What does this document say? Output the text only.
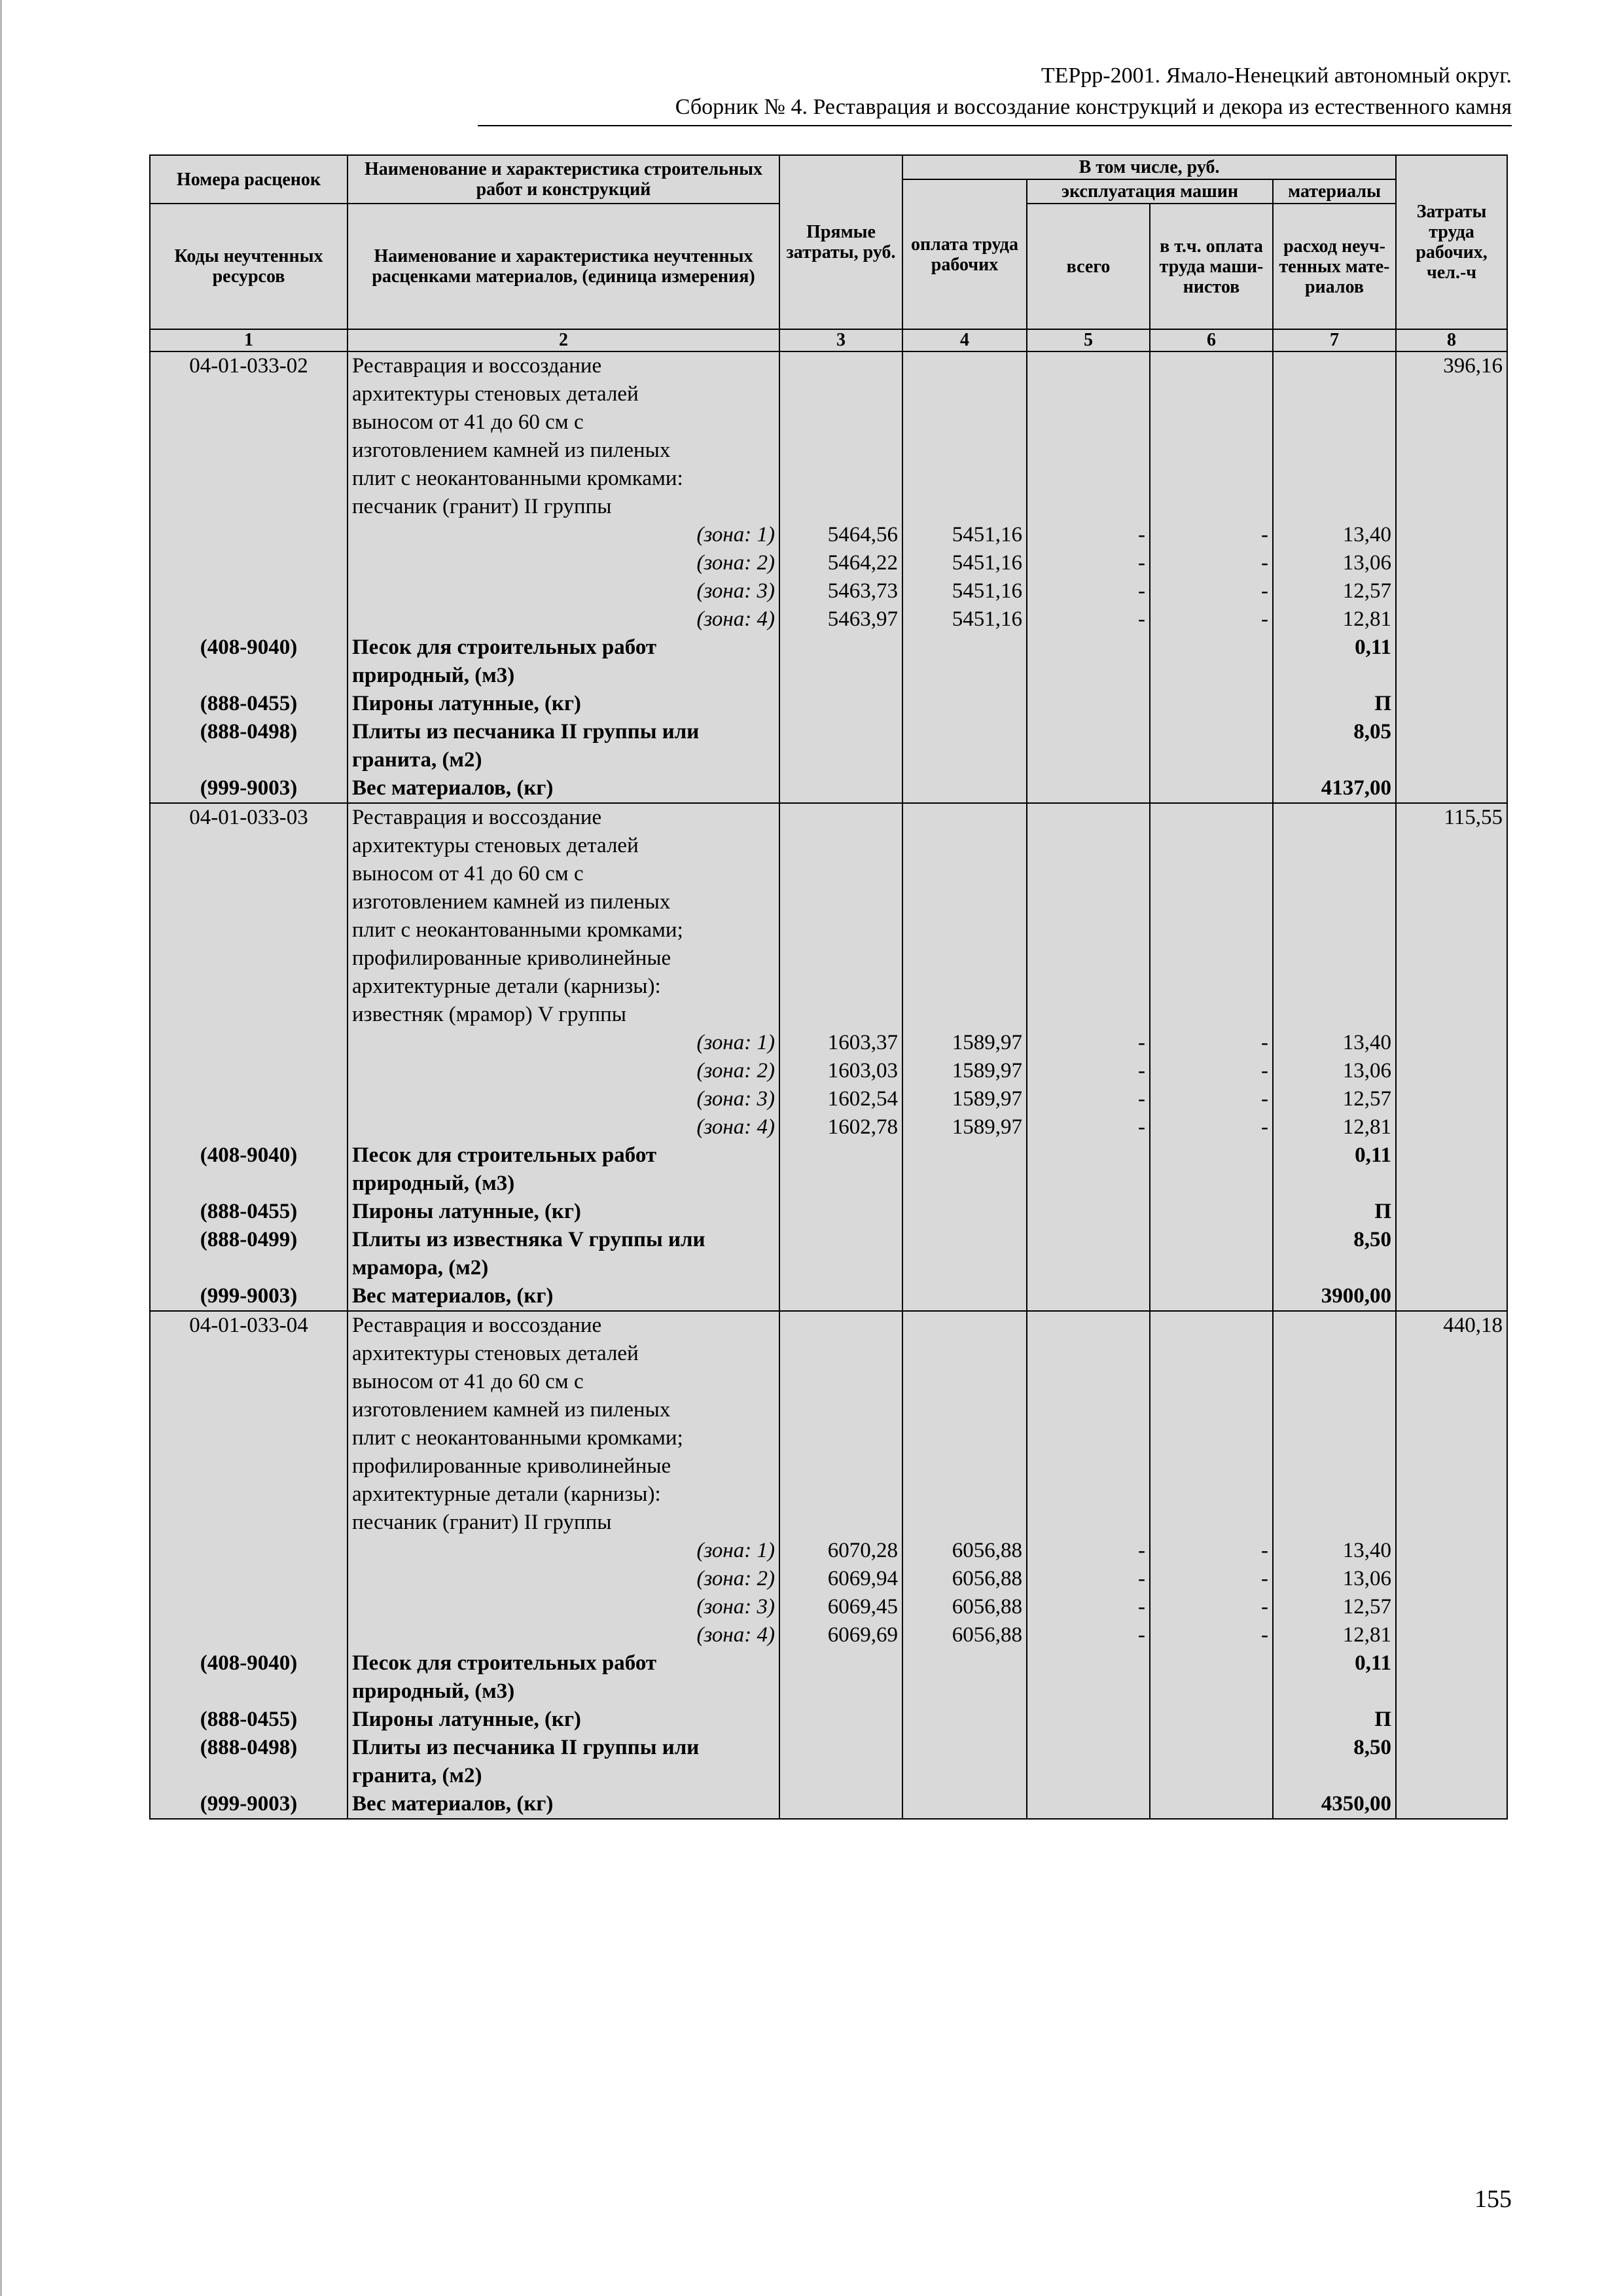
ТЕРрр-2001. Ямало-Ненецкий автономный округ.
Сборник № 4. Реставрация и воссоздание конструкций и декора из естественного камня
Номера расценок	Наименование и характеристика строительных работ и конструкций	Прямые затраты, руб.	В том числе, руб.				Затраты труда рабочих, чел.-ч
			оплата труда рабочих	эксплуатация машин		материалы	
Коды неучтенных ресурсов	Наименование и характеристика неучтенных расценками материалов, (единица измерения)			всего	в т.ч. оплата труда маши-нистов	расход неуч-тенных мате-риалов	

1	2	3	4	5	6	7	8
04-01-033-02	Реставрация и воссоздание						396,16
	архитектуры стеновых деталей						
	выносом от 41 до 60 см с						
	изготовлением камней из пиленых						
	плит с неокантованными кромками:						
	песчаник (гранит) II группы						
	(зона: 1)	5464,56	5451,16	-	-	13,40	
	(зона: 2)	5464,22	5451,16	-	-	13,06	
	(зона: 3)	5463,73	5451,16	-	-	12,57	
	(зона: 4)	5463,97	5451,16	-	-	12,81	
(408-9040)	Песок для строительных работ					0,11	
	природный, (м3)						
(888-0455)	Пироны латунные, (кг)					П	
(888-0498)	Плиты из песчаника II группы или					8,05	
	гранита, (м2)						
(999-9003)	Вес материалов, (кг)					4137,00	
04-01-033-03	Реставрация и воссоздание						115,55
	архитектуры стеновых деталей						
	выносом от 41 до 60 см с						
	изготовлением камней из пиленых						
	плит с неокантованными кромками;						
	профилированные криволинейные						
	архитектурные детали (карнизы):						
	известняк (мрамор) V группы						
	(зона: 1)	1603,37	1589,97	-	-	13,40	
	(зона: 2)	1603,03	1589,97	-	-	13,06	
	(зона: 3)	1602,54	1589,97	-	-	12,57	
	(зона: 4)	1602,78	1589,97	-	-	12,81	
(408-9040)	Песок для строительных работ					0,11	
	природный, (м3)						
(888-0455)	Пироны латунные, (кг)					П	
(888-0499)	Плиты из известняка V группы или					8,50	
	мрамора, (м2)						
(999-9003)	Вес материалов, (кг)					3900,00	
04-01-033-04	Реставрация и воссоздание						440,18
	архитектуры стеновых деталей						
	выносом от 41 до 60 см с						
	изготовлением камней из пиленых						
	плит с неокантованными кромками;						
	профилированные криволинейные						
	архитектурные детали (карнизы):						
	песчаник (гранит) II группы						
	(зона: 1)	6070,28	6056,88	-	-	13,40	
	(зона: 2)	6069,94	6056,88	-	-	13,06	
	(зона: 3)	6069,45	6056,88	-	-	12,57	
	(зона: 4)	6069,69	6056,88	-	-	12,81	
(408-9040)	Песок для строительных работ					0,11	
	природный, (м3)						
(888-0455)	Пироны латунные, (кг)					П	
(888-0498)	Плиты из песчаника II группы или					8,50	
	гранита, (м2)						
(999-9003)	Вес материалов, (кг)					4350,00	
155
